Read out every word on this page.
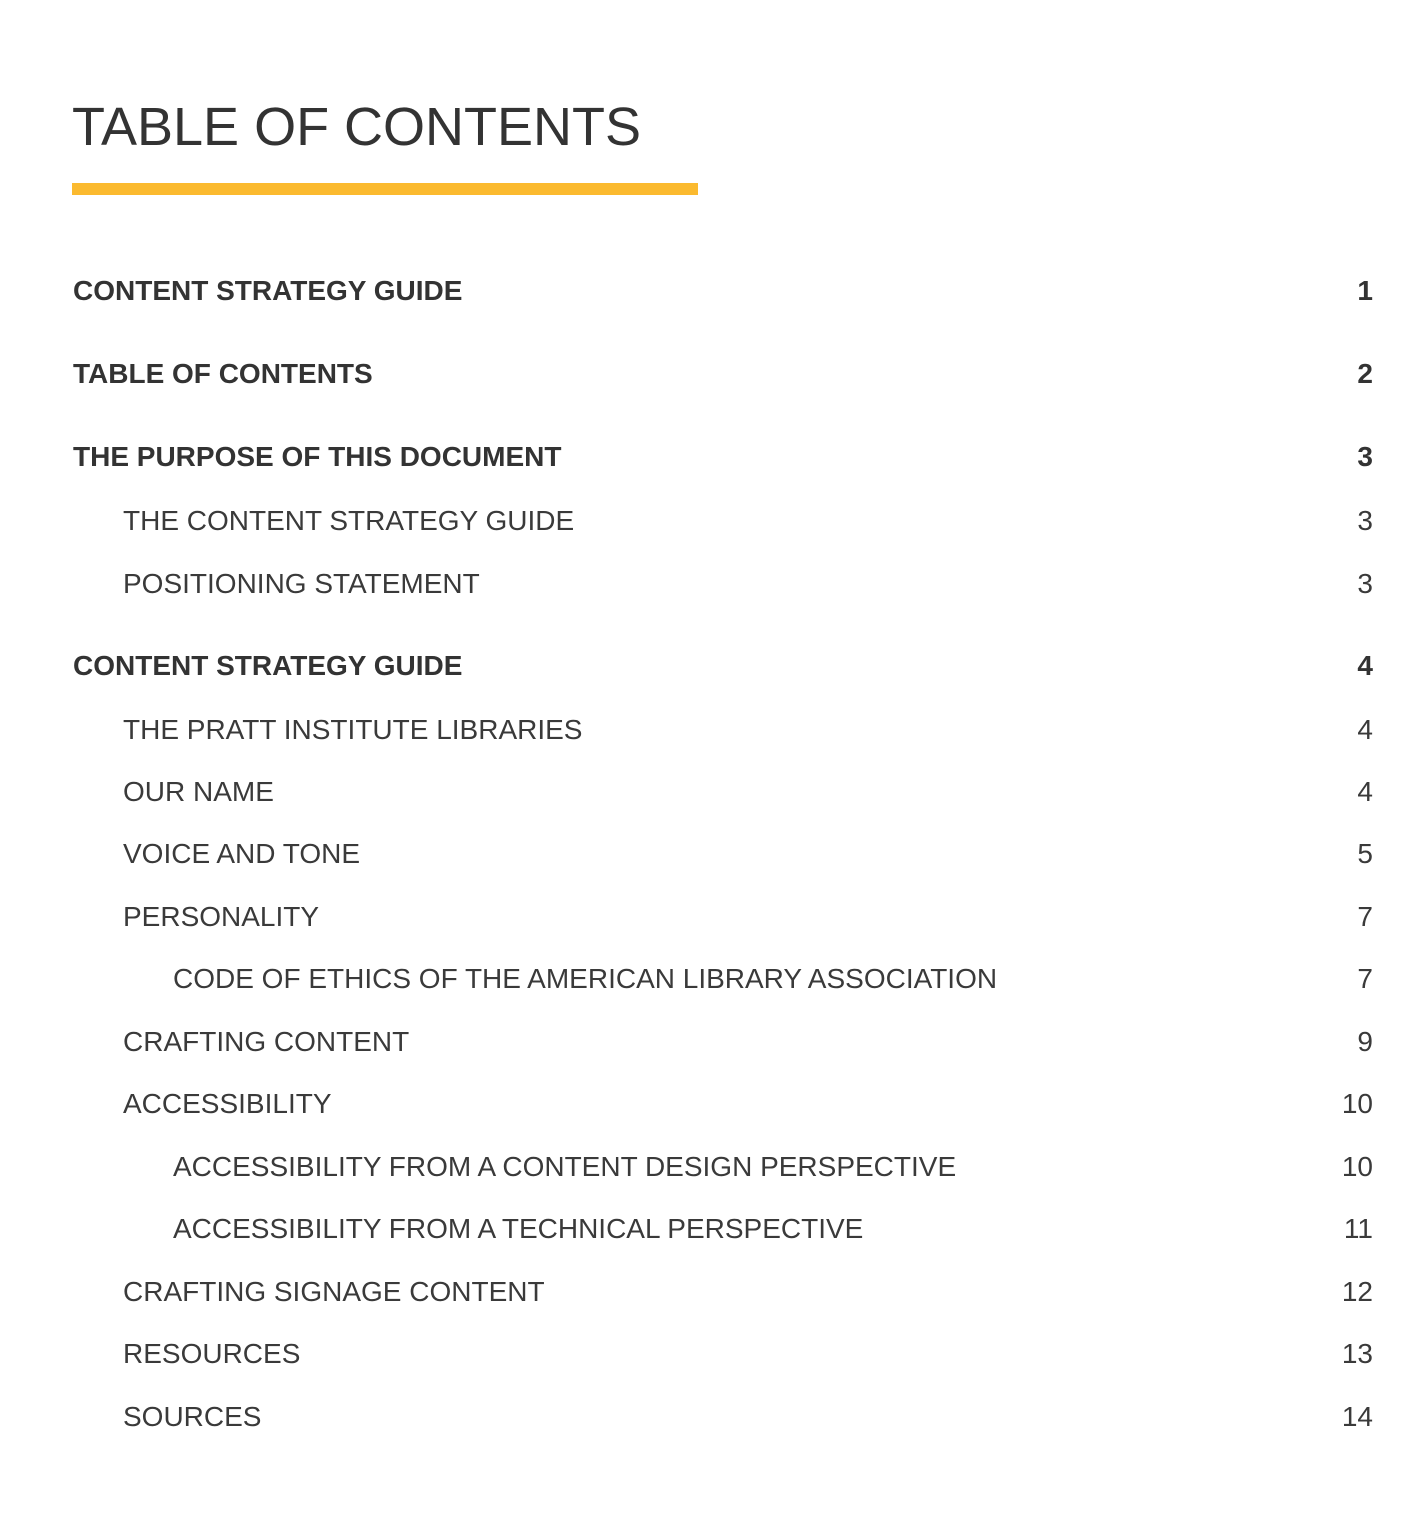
TABLE OF CONTENTS
CONTENT STRATEGY GUIDE	1
TABLE OF CONTENTS	2
THE PURPOSE OF THIS DOCUMENT	3
THE CONTENT STRATEGY GUIDE	3
POSITIONING STATEMENT	3
CONTENT STRATEGY GUIDE	4
THE PRATT INSTITUTE LIBRARIES	4
OUR NAME	4
VOICE AND TONE	5
PERSONALITY	7
CODE OF ETHICS OF THE AMERICAN LIBRARY ASSOCIATION	7
CRAFTING CONTENT	9
ACCESSIBILITY	10
ACCESSIBILITY FROM A CONTENT DESIGN PERSPECTIVE	10
ACCESSIBILITY FROM A TECHNICAL PERSPECTIVE	11
CRAFTING SIGNAGE CONTENT	12
RESOURCES	13
SOURCES	14
